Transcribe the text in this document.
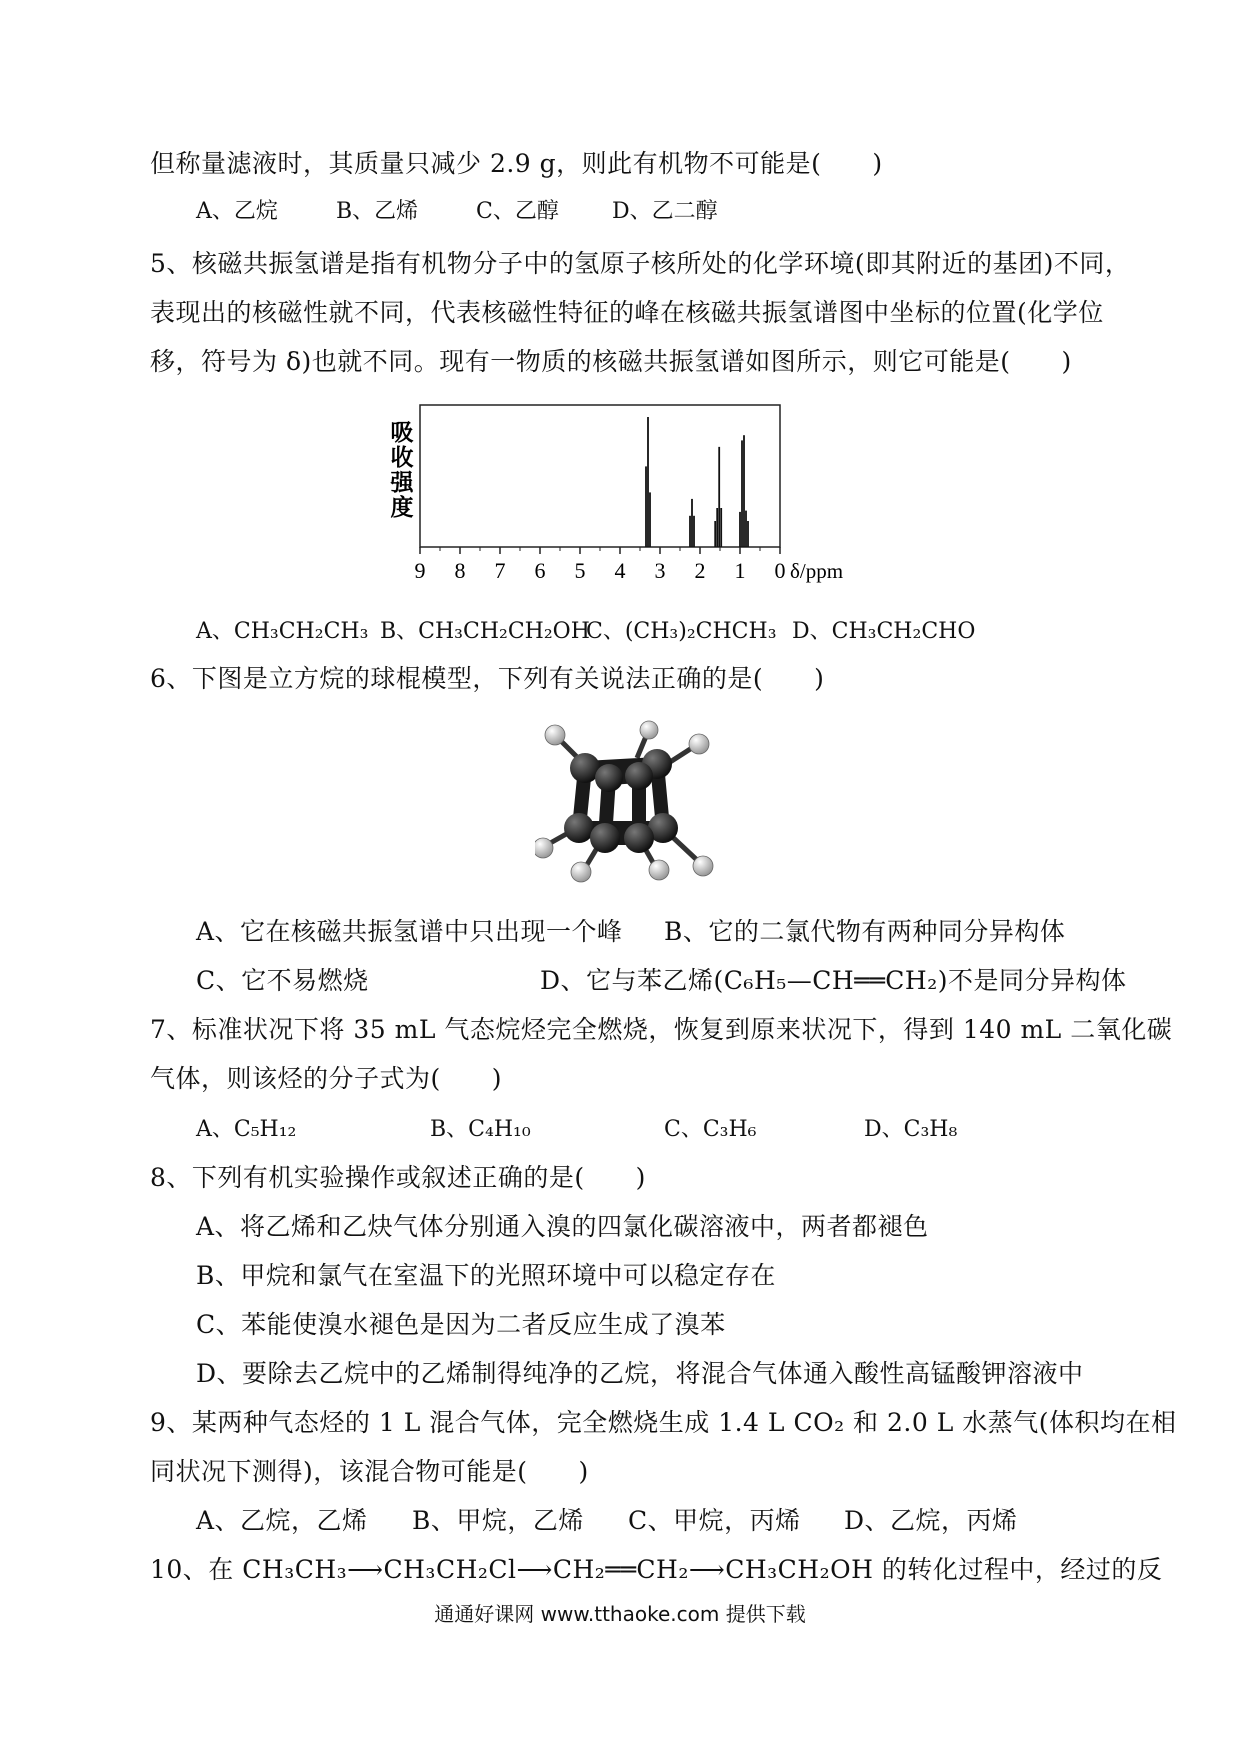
但称量滤液时，其质量只减少 2.9 g，则此有机物不可能是(　　)
A、乙烷	B、乙烯	C、乙醇 D、乙二醇
5、核磁共振氢谱是指有机物分子中的氢原子核所处的化学环境(即其附近的基团)不同，
表现出的核磁性就不同，代表核磁性特征的峰在核磁共振氢谱图中坐标的位置(化学位
移，符号为 δ)也就不同。现有一物质的核磁共振氢谱如图所示，则它可能是(　　)
9 8 7 6 5 4 3 2 1 0
吸收强度
δ/ppm
A、CH₃CH₂CH₃ B、CH₃CH₂CH₂OH
C、(CH₃)₂CHCH₃ D、CH₃CH₂CHO
6、下图是立方烷的球棍模型，下列有关说法正确的是(　　)
A、它在核磁共振氢谱中只出现一个峰 B、它的二氯代物有两种同分异构体
C、它不易燃烧	D、它与苯乙烯(C₆H₅—CH══CH₂)不是同分异构体
7、标准状况下将 35 mL 气态烷烃完全燃烧，恢复到原来状况下，得到 140 mL 二氧化碳
气体，则该烃的分子式为(　　)
A、C₅H₁₂	B、C₄H₁₀	C、C₃H₆	D、C₃H₈
8、下列有机实验操作或叙述正确的是(　　)
A、将乙烯和乙炔气体分别通入溴的四氯化碳溶液中，两者都褪色
B、甲烷和氯气在室温下的光照环境中可以稳定存在
C、苯能使溴水褪色是因为二者反应生成了溴苯
D、要除去乙烷中的乙烯制得纯净的乙烷，将混合气体通入酸性高锰酸钾溶液中
9、某两种气态烃的 1 L 混合气体，完全燃烧生成 1.4 L CO₂ 和 2.0 L 水蒸气(体积均在相
同状况下测得)，该混合物可能是(　　)
A、乙烷，乙烯 B、甲烷，乙烯 C、甲烷，丙烯 D、乙烷，丙烯
10、在 CH₃CH₃⟶CH₃CH₂Cl⟶CH₂══CH₂⟶CH₃CH₂OH 的转化过程中，经过的反
通通好课网 www.tthaoke.com 提供下载
